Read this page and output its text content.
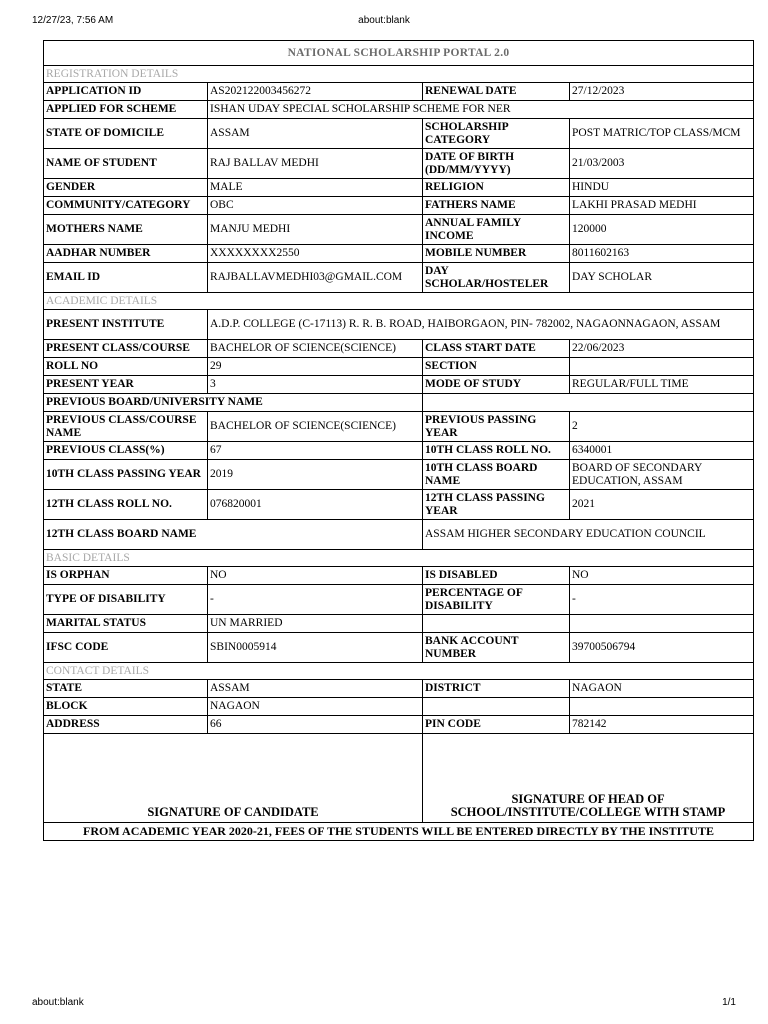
12/27/23, 7:56 AM	about:blank
NATIONAL SCHOLARSHIP PORTAL 2.0			
REGISTRATION DETAILS			
APPLICATION ID	AS202122003456272	RENEWAL DATE	27/12/2023
APPLIED FOR SCHEME	ISHAN UDAY SPECIAL SCHOLARSHIP SCHEME FOR NER		
STATE OF DOMICILE	ASSAM	SCHOLARSHIP CATEGORY	POST MATRIC/TOP CLASS/MCM
NAME OF STUDENT	RAJ BALLAV MEDHI	DATE OF BIRTH (DD/MM/YYYY)	21/03/2003
GENDER	MALE	RELIGION	HINDU
COMMUNITY/CATEGORY	OBC	FATHERS NAME	LAKHI PRASAD MEDHI
MOTHERS NAME	MANJU MEDHI	ANNUAL FAMILY INCOME	120000
AADHAR NUMBER	XXXXXXXX2550	MOBILE NUMBER	8011602163
EMAIL ID	RAJBALLAVMEDHI03@GMAIL.COM	DAY SCHOLAR/HOSTELER	DAY SCHOLAR
ACADEMIC DETAILS			
PRESENT INSTITUTE	A.D.P. COLLEGE (C-17113) R. R. B. ROAD, HAIBORGAON, PIN- 782002, NAGAONNAGAON, ASSAM		
PRESENT CLASS/COURSE	BACHELOR OF SCIENCE(SCIENCE)	CLASS START DATE	22/06/2023
ROLL NO	29	SECTION	
PRESENT YEAR	3	MODE OF STUDY	REGULAR/FULL TIME
PREVIOUS BOARD/UNIVERSITY NAME			
PREVIOUS CLASS/COURSE NAME	BACHELOR OF SCIENCE(SCIENCE)	PREVIOUS PASSING YEAR	2
PREVIOUS CLASS(%)	67	10TH CLASS ROLL NO.	6340001
10TH CLASS PASSING YEAR	2019	10TH CLASS BOARD NAME	BOARD OF SECONDARY EDUCATION, ASSAM
12TH CLASS ROLL NO.	076820001	12TH CLASS PASSING YEAR	2021
12TH CLASS BOARD NAME		ASSAM HIGHER SECONDARY EDUCATION COUNCIL	
BASIC DETAILS			
IS ORPHAN	NO	IS DISABLED	NO
TYPE OF DISABILITY	-	PERCENTAGE OF DISABILITY	-
MARITAL STATUS	UN MARRIED		
IFSC CODE	SBIN0005914	BANK ACCOUNT NUMBER	39700506794
CONTACT DETAILS			
STATE	ASSAM	DISTRICT	NAGAON
BLOCK	NAGAON		
ADDRESS	66	PIN CODE	782142
SIGNATURE OF CANDIDATE		SIGNATURE OF HEAD OF SCHOOL/INSTITUTE/COLLEGE WITH STAMP	
FROM ACADEMIC YEAR 2020-21, FEES OF THE STUDENTS WILL BE ENTERED DIRECTLY BY THE INSTITUTE			
about:blank	1/1
